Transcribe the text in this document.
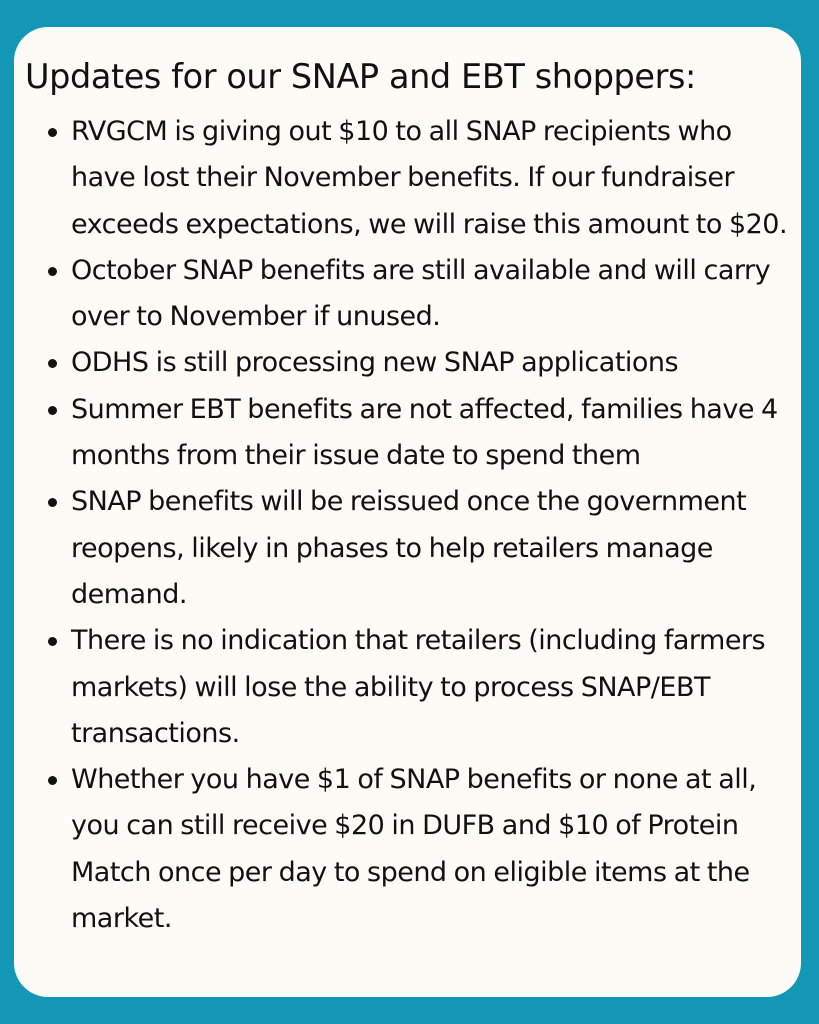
Updates for our SNAP and EBT shoppers:
RVGCM is giving out $10 to all SNAP recipients who have lost their November benefits. If our fundraiser exceeds expectations, we will raise this amount to $20.
October SNAP benefits are still available and will carry over to November if unused.
ODHS is still processing new SNAP applications
Summer EBT benefits are not affected, families have 4 months from their issue date to spend them
SNAP benefits will be reissued once the government reopens, likely in phases to help retailers manage demand.
There is no indication that retailers (including farmers markets) will lose the ability to process SNAP/EBT transactions.
Whether you have $1 of SNAP benefits or none at all, you can still receive $20 in DUFB and $10 of Protein Match once per day to spend on eligible items at the market.
